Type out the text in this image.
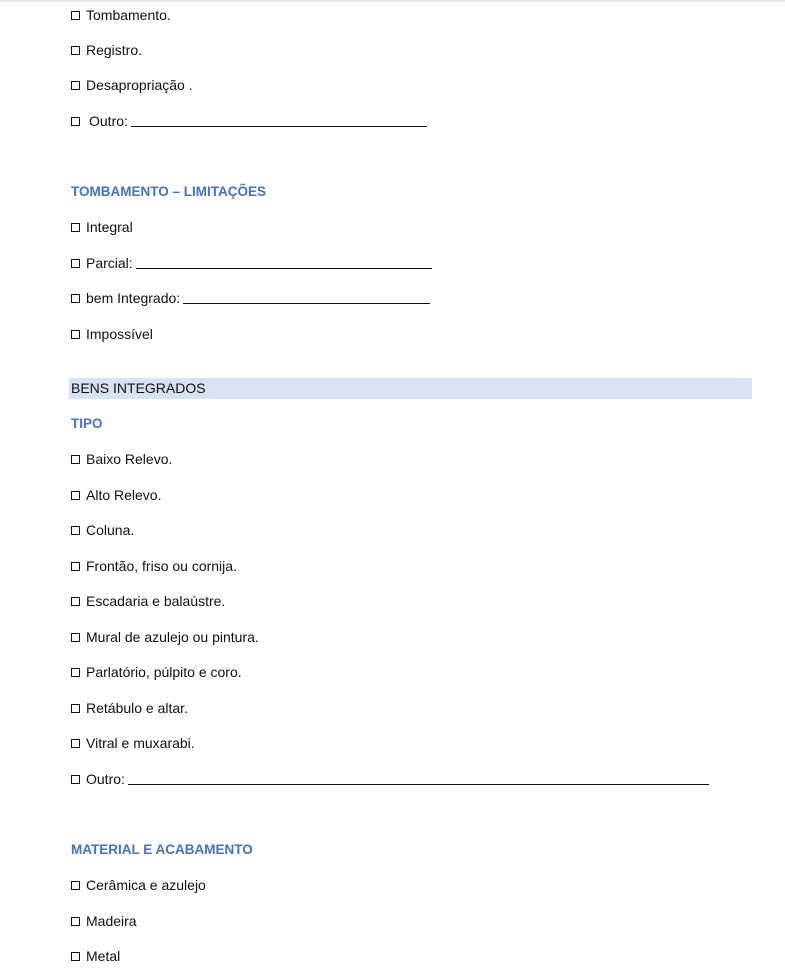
Tombamento.
Registro.
Desapropriação .
Outro:
TOMBAMENTO – LIMITAÇÕES
Integral
Parcial:
bem Integrado:
Impossível
BENS INTEGRADOS
TIPO
Baixo Relevo.
Alto Relevo.
Coluna.
Frontão, friso ou cornija.
Escadaria e balaústre.
Mural de azulejo ou pintura.
Parlatório, púlpito e coro.
Retábulo e altar.
Vitral e muxarabi.
Outro:
MATERIAL E ACABAMENTO
Cerâmica e azulejo
Madeira
Metal
